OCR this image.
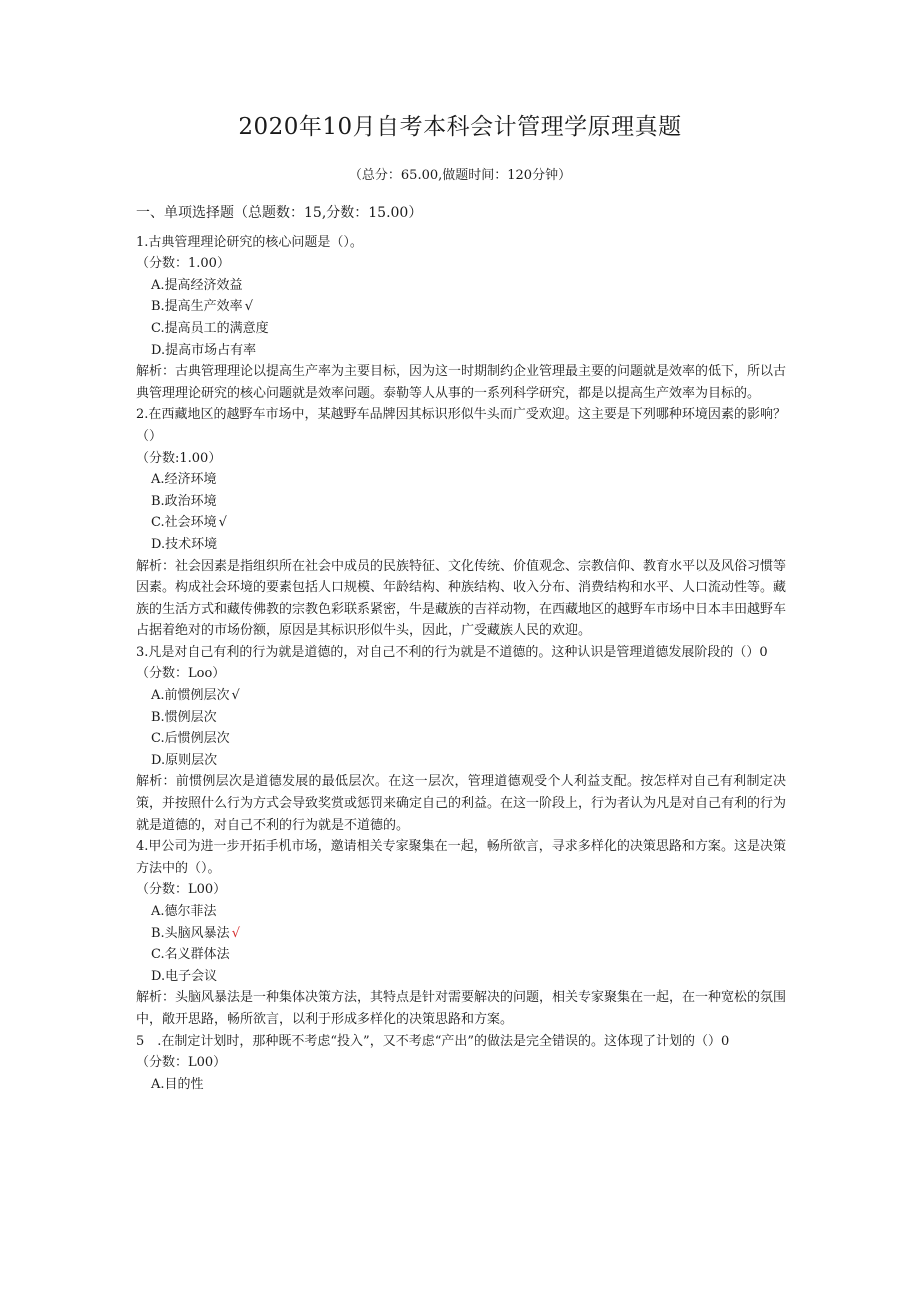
2020年10月自考本科会计管理学原理真题
（总分：65.00,做题时间：120分钟）
一、单项选择题（总题数：15,分数：15.00）
1.古典管理理论研究的核心问题是（）。
（分数：1.00）
A.提高经济效益
B.提高生产效率 √
C.提高员工的满意度
D.提高市场占有率
解析：古典管理理论以提高生产率为主要目标，因为这一时期制约企业管理最主要的问题就是效率的低下，所以古典管理理论研究的核心问题就是效率问题。泰勒等人从事的一系列科学研究，都是以提高生产效率为目标的。
2.在西藏地区的越野车市场中，某越野车品牌因其标识形似牛头而广受欢迎。这主要是下列哪种环境因素的影响？（）
（分数:1.00）
A.经济环境
B.政治环境
C.社会环境 √
D.技术环境
解析：社会因素是指组织所在社会中成员的民族特征、文化传统、价值观念、宗教信仰、教育水平以及风俗习惯等因素。构成社会环境的要素包括人口规模、年龄结构、种族结构、收入分布、消费结构和水平、人口流动性等。藏族的生活方式和藏传佛教的宗教色彩联系紧密，牛是藏族的吉祥动物，在西藏地区的越野车市场中日本丰田越野车占据着绝对的市场份额，原因是其标识形似牛头，因此，广受藏族人民的欢迎。
3.凡是对自己有利的行为就是道德的，对自己不利的行为就是不道德的。这种认识是管理道德发展阶段的（）0
（分数：Loo）
A.前惯例层次 √
B.惯例层次
C.后惯例层次
D.原则层次
解析：前惯例层次是道德发展的最低层次。在这一层次，管理道德观受个人利益支配。按怎样对自己有利制定决策，并按照什么行为方式会导致奖赏或惩罚来确定自己的利益。在这一阶段上，行为者认为凡是对自己有利的行为就是道德的，对自己不利的行为就是不道德的。
4.甲公司为进一步开拓手机市场，邀请相关专家聚集在一起，畅所欲言，寻求多样化的决策思路和方案。这是决策方法中的（）。
（分数：L00）
A.德尔菲法
B.头脑风暴法 √
C.名义群体法
D.电子会议
解析：头脑风暴法是一种集体决策方法，其特点是针对需要解决的问题，相关专家聚集在一起，在一种宽松的氛围中，敞开思路，畅所欲言，以利于形成多样化的决策思路和方案。
5　.在制定计划时，那种既不考虑“投入”，又不考虑“产出”的做法是完全错误的。这体现了计划的（）0
（分数：L00）
A.目的性
